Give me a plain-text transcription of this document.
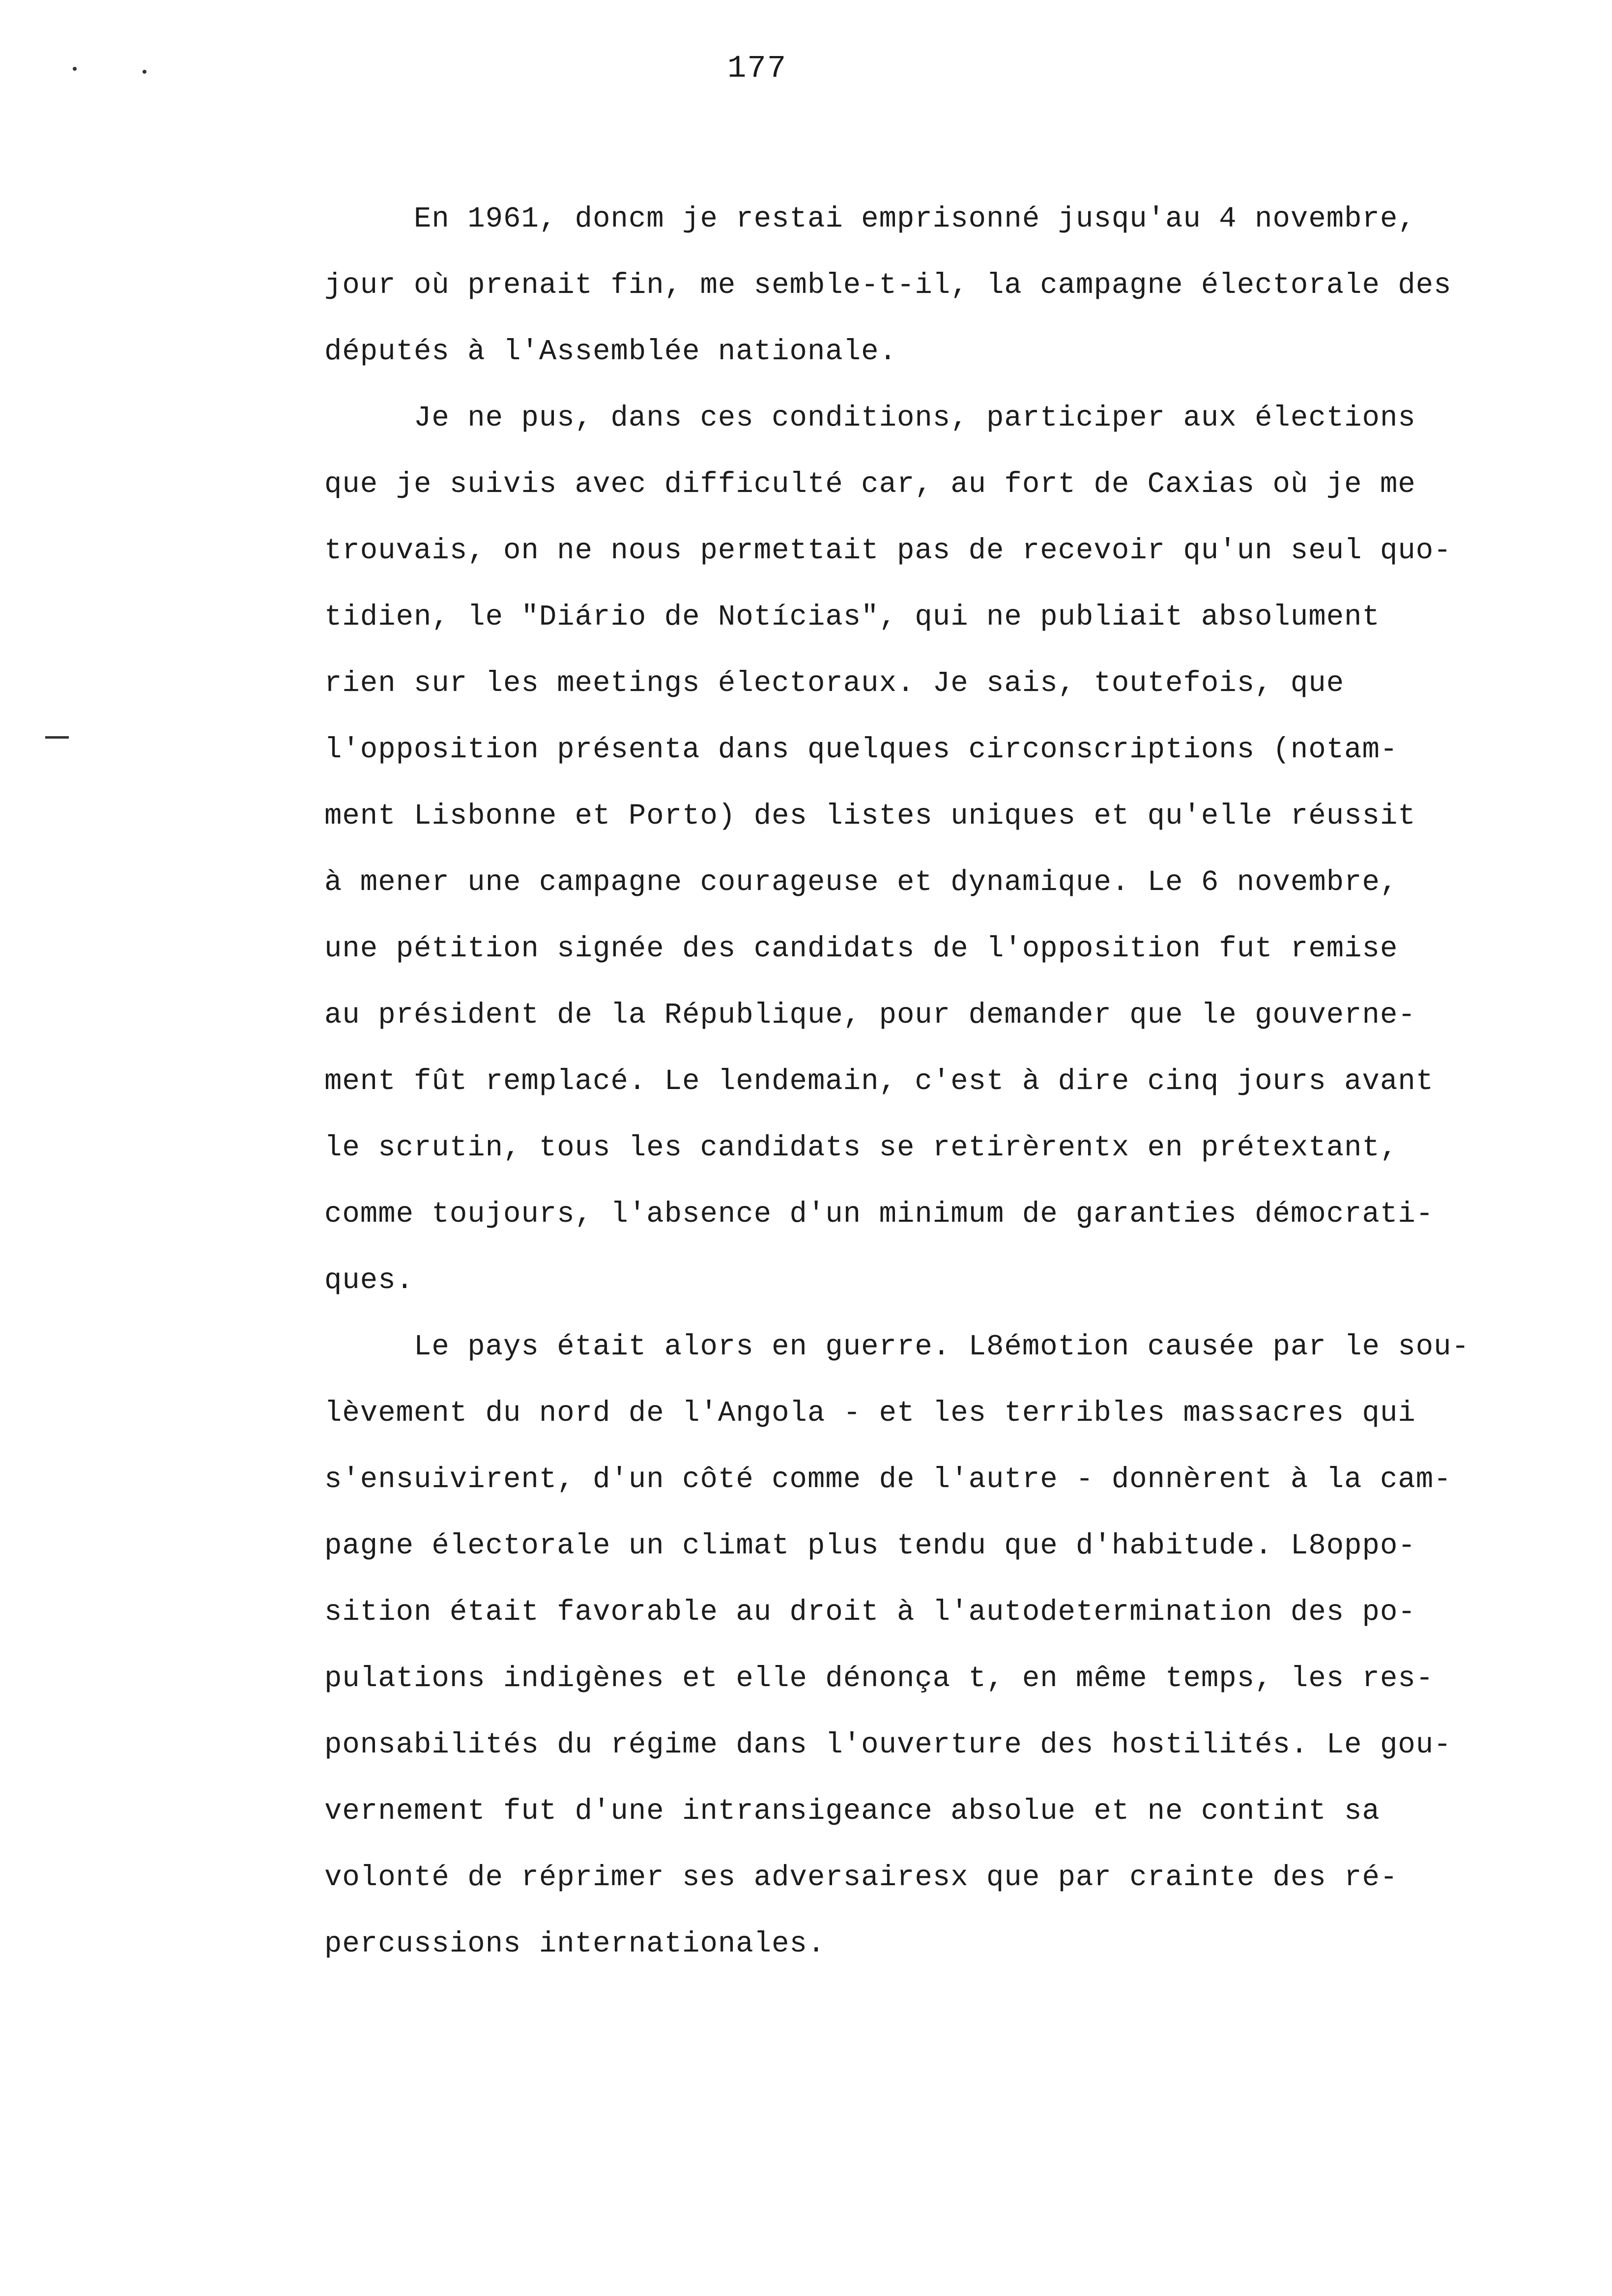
177
En 1961, doncm je restai emprisonné jusqu'au 4 novembre,
jour où prenait fin, me semble-t-il, la campagne électorale des
députés à l'Assemblée nationale.
Je ne pus, dans ces conditions, participer aux élections
que je suivis avec difficulté car, au fort de Caxias où je me
trouvais, on ne nous permettait pas de recevoir qu'un seul quo-
tidien, le "Diário de Notícias", qui ne publiait absolument
rien sur les meetings électoraux. Je sais, toutefois, que
l'opposition présenta dans quelques circonscriptions (notam-
ment Lisbonne et Porto) des listes uniques et qu'elle réussit
à mener une campagne courageuse et dynamique. Le 6 novembre,
une pétition signée des candidats de l'opposition fut remise
au président de la République, pour demander que le gouverne-
ment fût remplacé. Le lendemain, c'est à dire cinq jours avant
le scrutin, tous les candidats se retirèrentx en prétextant,
comme toujours, l'absence d'un minimum de garanties démocrati-
ques.
Le pays était alors en guerre. L8émotion causée par le sou-
lèvement du nord de l'Angola - et les terribles massacres qui
s'ensuivirent, d'un côté comme de l'autre - donnèrent à la cam-
pagne électorale un climat plus tendu que d'habitude. L8oppo-
sition était favorable au droit à l'autodetermination des po-
pulations indigènes et elle dénonça t, en même temps, les res-
ponsabilités du régime dans l'ouverture des hostilités. Le gou-
vernement fut d'une intransigeance absolue et ne contint sa
volonté de réprimer ses adversairesx que par crainte des ré-
percussions internationales.
